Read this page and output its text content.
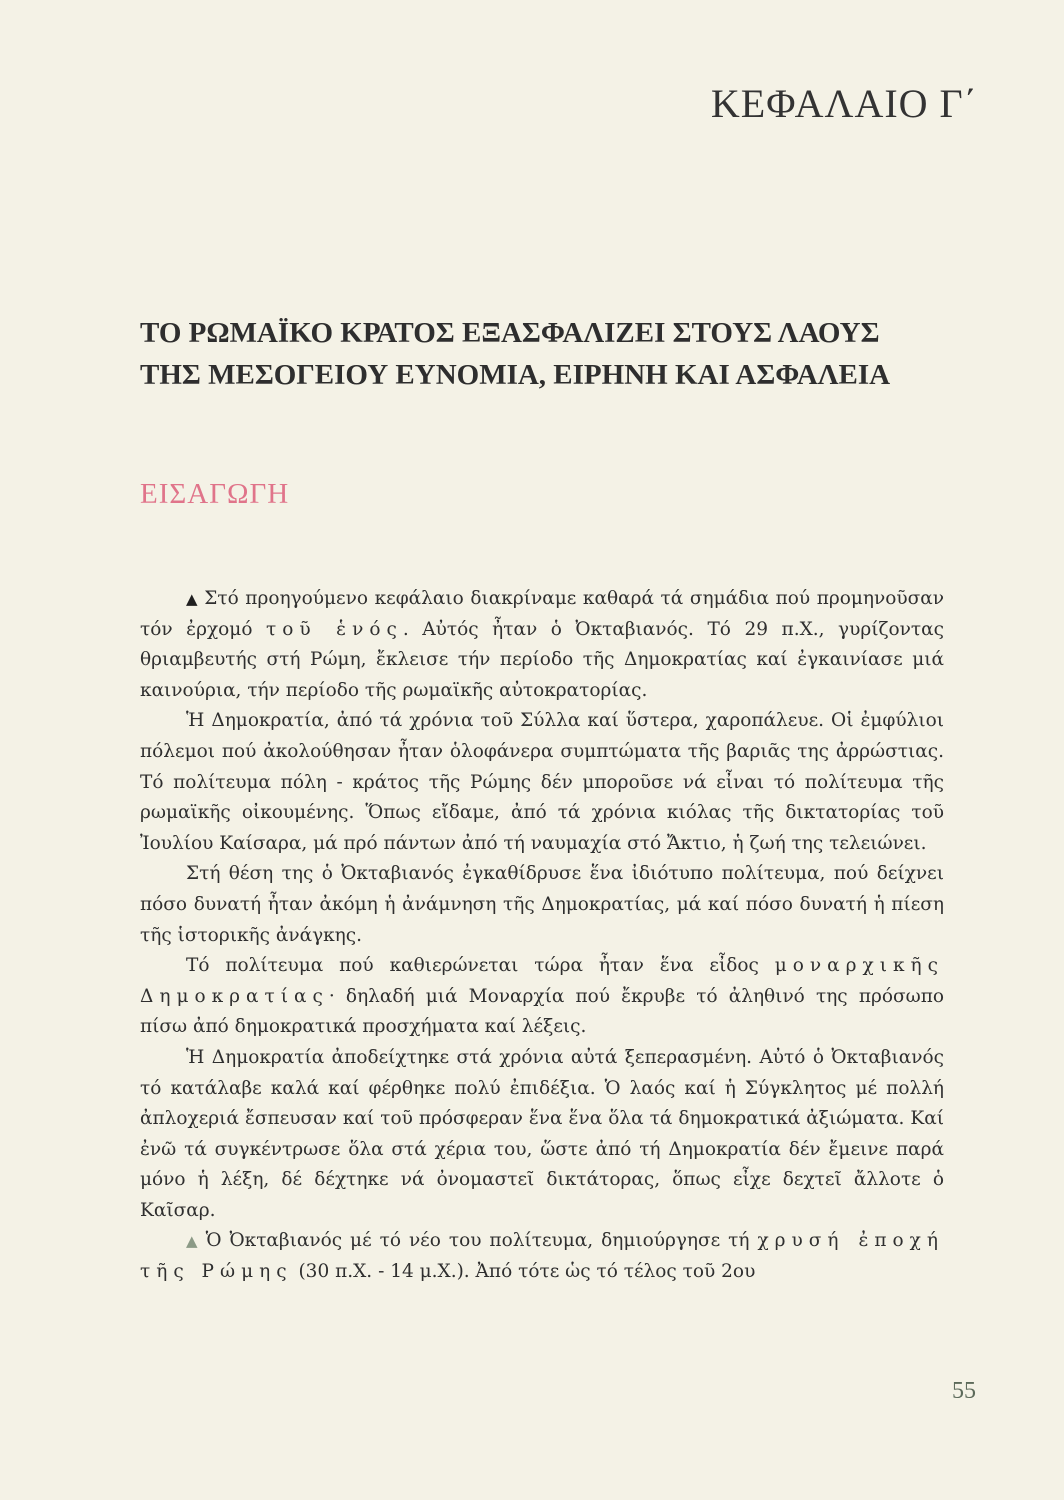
ΚΕΦΑΛΑΙΟ Γ΄
ΤΟ ΡΩΜΑΪΚΟ ΚΡΑΤΟΣ ΕΞΑΣΦΑΛΙΖΕΙ ΣΤΟΥΣ ΛΑΟΥΣ
ΤΗΣ ΜΕΣΟΓΕΙΟΥ ΕΥΝΟΜΙΑ, ΕΙΡΗΝΗ ΚΑΙ ΑΣΦΑΛΕΙΑ
ΕΙΣΑΓΩΓΗ

▲ Στό προηγούμενο κεφάλαιο διακρίναμε καθαρά τά σημάδια πού προμηνοῦσαν τόν ἐρχομό τοῦ ἑνός. Αὐτός ἦταν ὁ Ὀκταβιανός. Τό 29 π.Χ., γυρίζοντας θριαμβευτής στή Ρώμη, ἔκλεισε τήν περίοδο τῆς Δημοκρατίας καί ἐγκαινίασε μιά καινούρια, τήν περίοδο τῆς ρωμαϊκῆς αὐτοκρατορίας.

Ἡ Δημοκρατία, ἀπό τά χρόνια τοῦ Σύλλα καί ὕστερα, χαροπάλευε. Οἱ ἐμφύλιοι πόλεμοι πού ἀκολούθησαν ἦταν ὁλοφάνερα συμπτώματα τῆς βαριᾶς της ἀρρώστιας. Τό πολίτευμα πόλη - κράτος τῆς Ρώμης δέν μποροῦσε νά εἶναι τό πολίτευμα τῆς ρωμαϊκῆς οἰκουμένης. Ὅπως εἴδαμε, ἀπό τά χρόνια κιόλας τῆς δικτατορίας τοῦ Ἰουλίου Καίσαρα, μά πρό πάντων ἀπό τή ναυμαχία στό Ἄκτιο, ἡ ζωή της τελειώνει.

Στή θέση της ὁ Ὀκταβιανός ἐγκαθίδρυσε ἕνα ἰδιότυπο πολίτευμα, πού δείχνει πόσο δυνατή ἦταν ἀκόμη ἡ ἀνάμνηση τῆς Δημοκρατίας, μά καί πόσο δυνατή ἡ πίεση τῆς ἱστορικῆς ἀνάγκης.

Τό πολίτευμα πού καθιερώνεται τώρα ἦταν ἕνα εἶδος μοναρχικῆς Δημοκρατίας· δηλαδή μιά Μοναρχία πού ἔκρυβε τό ἀληθινό της πρόσωπο πίσω ἀπό δημοκρατικά προσχήματα καί λέξεις.

Ἡ Δημοκρατία ἀποδείχτηκε στά χρόνια αὐτά ξεπερασμένη. Αὐτό ὁ Ὀκταβιανός τό κατάλαβε καλά καί φέρθηκε πολύ ἐπιδέξια. Ὁ λαός καί ἡ Σύγκλητος μέ πολλή ἀπλοχεριά ἔσπευσαν καί τοῦ πρόσφεραν ἕνα ἕνα ὅλα τά δημοκρατικά ἀξιώματα. Καί ἐνῶ τά συγκέντρωσε ὅλα στά χέρια του, ὥστε ἀπό τή Δημοκρατία δέν ἔμεινε παρά μόνο ἡ λέξη, δέ δέχτηκε νά ὀνομαστεῖ δικτάτορας, ὅπως εἶχε δεχτεῖ ἄλλοτε ὁ Καῖσαρ.

▲ Ὁ Ὀκταβιανός μέ τό νέο του πολίτευμα, δημιούργησε τή χρυσή ἐποχή τῆς Ρώμης (30 π.Χ. - 14 μ.Χ.). Ἀπό τότε ὡς τό τέλος τοῦ 2ου

55
